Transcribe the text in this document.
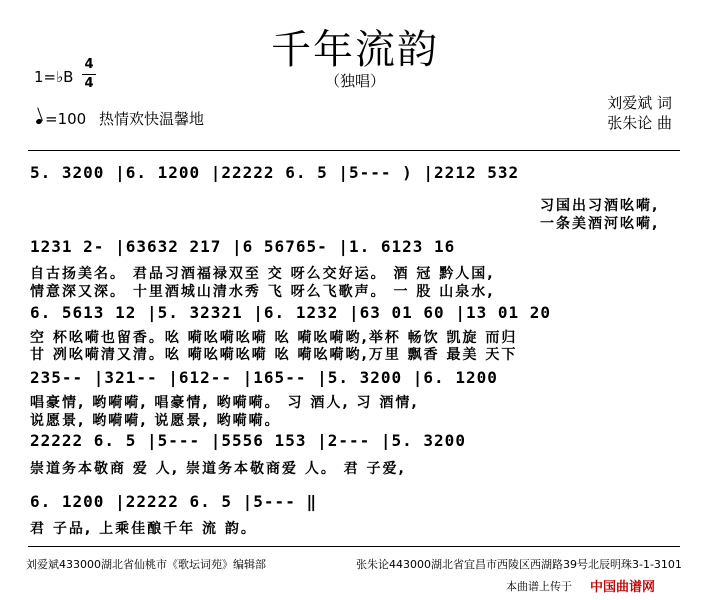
千年流韵
（独唱）
1=♭B
4
4
=100 热情欢快温馨地
刘爱斌 词
张朱论 曲
5. 3200 |6. 1200 |22222 6. 5 |5--- ) |2212 532
习国出习酒吆嗬,
一条美酒河吆嗬,
1231 2- |63632 217 |6 56765- |1. 6123 16
自古扬美名。 君品习酒福禄双至 交 呀么交好运。 酒 冠 黔人国,
情意深又深。 十里酒城山清水秀 飞 呀么飞歌声。 一 股 山泉水,
6. 5613 12 |5. 32321 |6. 1232 |63 01 60 |13 01 20
空 杯吆嗬也留香。吆 嗬吆嗬吆嗬 吆 嗬吆嗬哟,举杯 畅饮 凯旋 而归
甘 冽吆嗬清又清。吆 嗬吆嗬吆嗬 吆 嗬吆嗬哟,万里 飘香 最美 天下
235-- |321-- |612-- |165-- |5. 3200 |6. 1200
唱豪情, 哟嗬嗬, 唱豪情, 哟嗬嗬。 习 酒人, 习 酒情,
说愿景, 哟嗬嗬, 说愿景, 哟嗬嗬。
22222 6. 5 |5--- |5556 153 |2--- |5. 3200
崇道务本敬商 爱 人, 崇道务本敬商爱 人。 君 子爱,
6. 1200 |22222 6. 5 |5--- ‖
君 子品, 上乘佳酿千年 流 韵。
刘爱斌433000湖北省仙桃市《歌坛词苑》编辑部	张朱论443000湖北省宜昌市西陵区西湖路39号北辰明珠3-1-3101
本曲谱上传于 中国曲谱网
